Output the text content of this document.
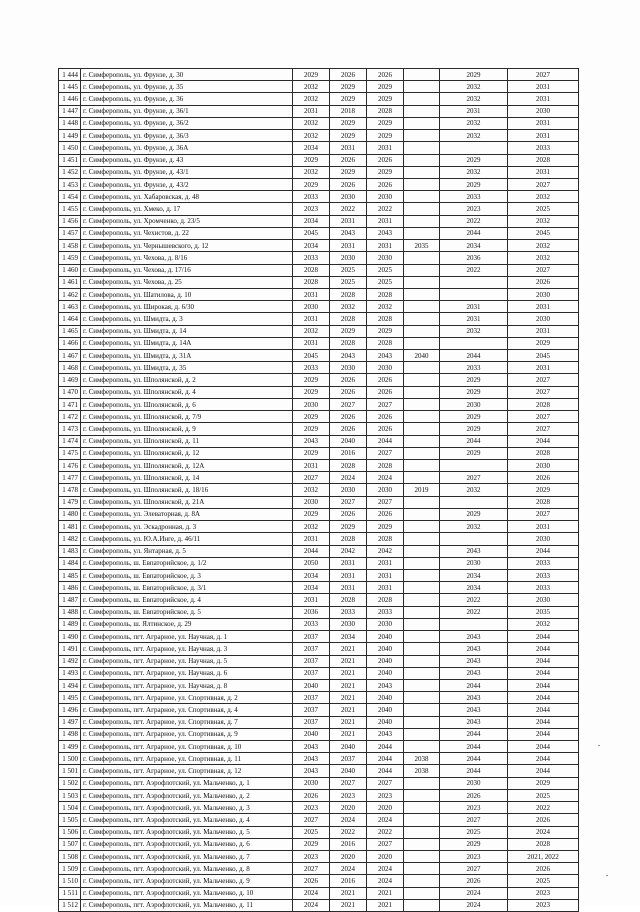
1 444	г. Симферополь, ул. Фрунзе, д. 30	2029	2026	2026		2029	2027
1 445	г. Симферополь, ул. Фрунзе, д. 35	2032	2029	2029		2032	2031
1 446	г. Симферополь, ул. Фрунзе, д. 36	2032	2029	2029		2032	2031
1 447	г. Симферополь, ул. Фрунзе, д. 36/1	2031	2018	2028		2031	2030
1 448	г. Симферополь, ул. Фрунзе, д. 36/2	2032	2029	2029		2032	2031
1 449	г. Симферополь, ул. Фрунзе, д. 36/3	2032	2029	2029		2032	2031
1 450	г. Симферополь, ул. Фрунзе, д. 36А	2034	2031	2031			2033
1 451	г. Симферополь, ул. Фрунзе, д. 43	2029	2026	2026		2029	2028
1 452	г. Симферополь, ул. Фрунзе, д. 43/1	2032	2029	2029		2032	2031
1 453	г. Симферополь, ул. Фрунзе, д. 43/2	2029	2026	2026		2029	2027
1 454	г. Симферополь, ул. Хабаровская, д. 48	2033	2030	2030		2033	2032
1 455	г. Симферополь, ул. Хмеко, д. 17	2023	2022	2022		2023	2025
1 456	г. Симферополь, ул. Хромченко, д. 23/5	2034	2031	2031		2022	2032
1 457	г. Симферополь, ул. Чехистов, д. 22	2045	2043	2043		2044	2045
1 458	г. Симферополь, ул. Чернышевского, д. 12	2034	2031	2031	2035	2034	2032
1 459	г. Симферополь, ул. Чехова, д. 8/16	2033	2030	2030		2036	2032
1 460	г. Симферополь, ул. Чехова, д. 17/16	2028	2025	2025		2022	2027
1 461	г. Симферополь, ул. Чехова, д. 25	2028	2025	2025			2026
1 462	г. Симферополь, ул. Шатилова, д. 10	2031	2028	2028			2030
1 463	г. Симферополь, ул. Широкая, д. 6/30	2030	2032	2032		2031	2031
1 464	г. Симферополь, ул. Шмидта, д. 3	2031	2028	2028		2031	2030
1 465	г. Симферополь, ул. Шмидта, д. 14	2032	2029	2029		2032	2031
1 466	г. Симферополь, ул. Шмидта, д. 14А	2031	2028	2028			2029
1 467	г. Симферополь, ул. Шмидта, д. 31А	2045	2043	2043	2040	2044	2045
1 468	г. Симферополь, ул. Шмидта, д. 35	2033	2030	2030		2033	2031
1 469	г. Симферополь, ул. Шполянской, д. 2	2029	2026	2026		2029	2027
1 470	г. Симферополь, ул. Шполянской, д. 4	2029	2026	2026		2029	2027
1 471	г. Симферополь, ул. Шполянской, д. 6	2030	2027	2027		2030	2028
1 472	г. Симферополь, ул. Шполянской, д. 7/9	2029	2026	2026		2029	2027
1 473	г. Симферополь, ул. Шполянской, д. 9	2029	2026	2026		2029	2027
1 474	г. Симферополь, ул. Шполянской, д. 11	2043	2040	2044		2044	2044
1 475	г. Симферополь, ул. Шполянской, д. 12	2029	2016	2027		2029	2028
1 476	г. Симферополь, ул. Шполянской, д. 12А	2031	2028	2028			2030
1 477	г. Симферополь, ул. Шполянской, д. 14	2027	2024	2024		2027	2026
1 478	г. Симферополь, ул. Шполянской, д. 18/16	2032	2030	2030	2019	2032	2029
1 479	г. Симферополь, ул. Шполянской, д. 21А	2030	2027	2027			2028
1 480	г. Симферополь, ул. Элеваторная, д. 8А	2029	2026	2026		2029	2027
1 481	г. Симферополь, ул. Эскадронная, д. 3	2032	2029	2029		2032	2031
1 482	г. Симферополь, ул. Ю.А.Инге, д. 46/11	2031	2028	2028			2030
1 483	г. Симферополь, ул. Янтарная, д. 5	2044	2042	2042		2043	2044
1 484	г. Симферополь, ш. Евпаторийское, д. 1/2	2050	2031	2031		2030	2033
1 485	г. Симферополь, ш. Евпаторийское, д. 3	2034	2031	2031		2034	2033
1 486	г. Симферополь, ш. Евпаторийское, д. 3/1	2034	2031	2031		2034	2033
1 487	г. Симферополь, ш. Евпаторийское, д. 4	2031	2028	2028		2022	2030
1 488	г. Симферополь, ш. Евпаторийское, д. 5	2036	2033	2033		2022	2035
1 489	г. Симферополь, ш. Ялтинское, д. 29	2033	2030	2030			2032
1 490	г. Симферополь, пгт. Аграрное, ул. Научная, д. 1	2037	2034	2040		2043	2044
1 491	г. Симферополь, пгт. Аграрное, ул. Научная, д. 3	2037	2021	2040		2043	2044
1 492	г. Симферополь, пгт. Аграрное, ул. Научная, д. 5	2037	2021	2040		2043	2044
1 493	г. Симферополь, пгт. Аграрное, ул. Научная, д. 6	2037	2021	2040		2043	2044
1 494	г. Симферополь, пгт. Аграрное, ул. Научная, д. 8	2040	2021	2043		2044	2044
1 495	г. Симферополь, пгт. Аграрное, ул. Спортивная, д. 2	2037	2021	2040		2043	2044
1 496	г. Симферополь, пгт. Аграрное, ул. Спортивная, д. 4	2037	2021	2040		2043	2044
1 497	г. Симферополь, пгт. Аграрное, ул. Спортивная, д. 7	2037	2021	2040		2043	2044
1 498	г. Симферополь, пгт. Аграрное, ул. Спортивная, д. 9	2040	2021	2043		2044	2044
1 499	г. Симферополь, пгт. Аграрное, ул. Спортивная, д. 10	2043	2040	2044		2044	2044
1 500	г. Симферополь, пгт. Аграрное, ул. Спортивная, д. 11	2043	2037	2044	2038	2044	2044
1 501	г. Симферополь, пгт. Аграрное, ул. Спортивная, д. 12	2043	2040	2044	2038	2044	2044
1 502	г. Симферополь, пгт. Аэрофлотский, ул. Мальченко, д. 1	2030	2027	2027		2030	2029
1 503	г. Симферополь, пгт. Аэрофлотский, ул. Мальченко, д. 2	2026	2023	2023		2026	2025
1 504	г. Симферополь, пгт. Аэрофлотский, ул. Мальченко, д. 3	2023	2020	2020		2023	2022
1 505	г. Симферополь, пгт. Аэрофлотский, ул. Мальченко, д. 4	2027	2024	2024		2027	2026
1 506	г. Симферополь, пгт. Аэрофлотский, ул. Мальченко, д. 5	2025	2022	2022		2025	2024
1 507	г. Симферополь, пгт. Аэрофлотский, ул. Мальченко, д. 6	2029	2016	2027		2029	2028
1 508	г. Симферополь, пгт. Аэрофлотский, ул. Мальченко, д. 7	2023	2020	2020		2023	2021, 2022
1 509	г. Симферополь, пгт. Аэрофлотский, ул. Мальченко, д. 8	2027	2024	2024		2027	2026
1 510	г. Симферополь, пгт. Аэрофлотский, ул. Мальченко, д. 9	2026	2016	2024		2026	2025
1 511	г. Симферополь, пгт. Аэрофлотский, ул. Мальченко, д. 10	2024	2021	2021		2024	2023
1 512	г. Симферополь, пгт. Аэрофлотский, ул. Мальченко, д. 11	2024	2021	2021		2024	2023
